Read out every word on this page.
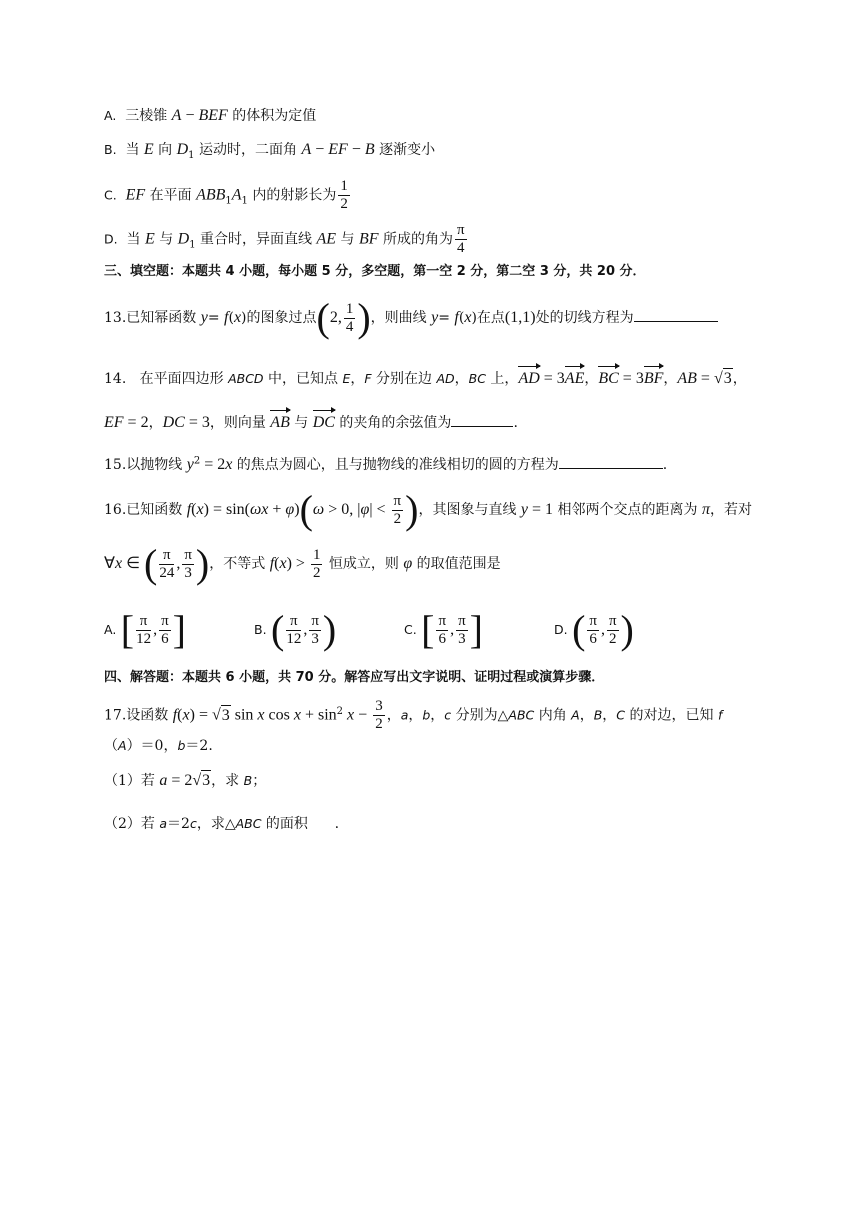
A.  三棱锥 A − BEF 的体积为定值
B.  当 E 向 $D_1$ 运动时，二面角 A − EF − B 逐渐变小
C. EF 在平面 $ABB_1A_1$ 内的射影长为 $\frac{1}{2}$
D.  当 E 与 $D_1$ 重合时，异面直线 AE 与 BF 所成的角为 $\frac{\pi}{4}$
三、填空题：本题共 4 小题，每小题 5 分，多空题，第一空 2 分，第二空 3 分，共 20 分．
13.已知幂函数 y= f(x)的图象过点(2, $\frac{1}{4}$ )，则曲线 y= f(x)在点(1,1)处的切线方程为
14.   在平面四边形 ABCD 中，已知点 E，F 分别在边 AD，BC 上，AD = 3AE，BC = 3BF，AB = √3，
EF = 2，DC = 3，则向量 AB 与 DC 的夹角的余弦值为	.
15.以抛物线 $y^2 = 2x$ 的焦点为圆心，且与抛物线的准线相切的圆的方程为	.
16.已知函数 f(x) = sin(ωx + φ)(ω > 0, $|\varphi| < \frac{\pi}{2}$ )，其图象与直线 y = 1 相邻两个交点的距离为 π，若对
∀x ∈ ( $\frac{\pi}{24}$ , $\frac{\pi}{3}$ )，不等式 $f(x) > \frac{1}{2}$ 恒成立，则 φ 的取值范围是
A. [ $\frac{\pi}{12}$ , $\frac{\pi}{6}$ ]	B. ( $\frac{\pi}{12}$ , $\frac{\pi}{3}$ )	C. [ $\frac{\pi}{6}$ , $\frac{\pi}{3}$ ]	D. ( $\frac{\pi}{6}$ , $\frac{\pi}{2}$ )
四、解答题：本题共 6 小题，共 70 分。解答应写出文字说明、证明过程或演算步骤．
17.设函数 f(x) = √3 sin x $\cos x + \sin^2 x - \frac{3}{2}$ ，a，b，c 分别为△ABC 内角 A，B，C 的对边，已知 f
（A）＝0，b＝2.
（1）若 a = 2√3，求 B；
（2）若 a＝2c，求△ABC 的面积      .
